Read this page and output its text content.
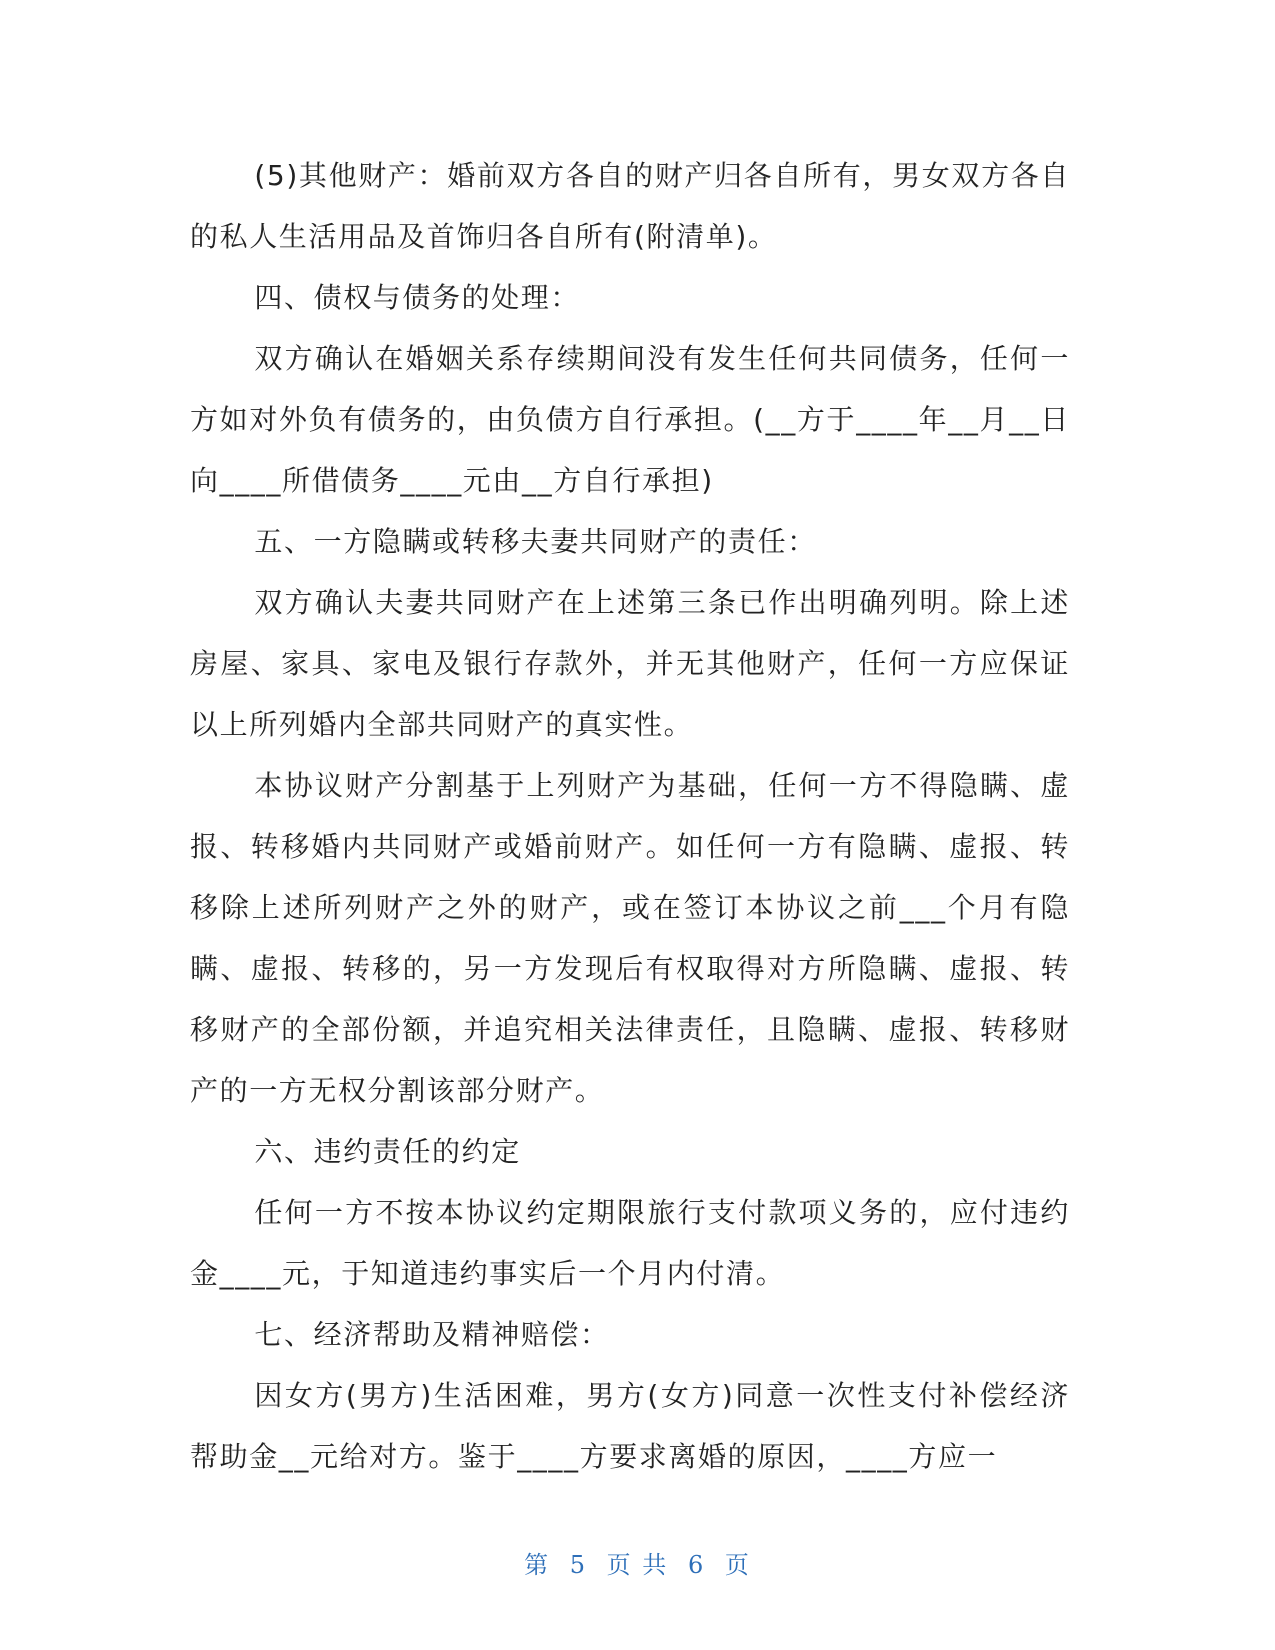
(5)其他财产：婚前双方各自的财产归各自所有，男女双方各自的私人生活用品及首饰归各自所有(附清单)。

四、债权与债务的处理：

双方确认在婚姻关系存续期间没有发生任何共同债务，任何一方如对外负有债务的，由负债方自行承担。(__方于____年__月__日向____所借债务____元由__方自行承担)

五、一方隐瞒或转移夫妻共同财产的责任：

双方确认夫妻共同财产在上述第三条已作出明确列明。除上述房屋、家具、家电及银行存款外，并无其他财产，任何一方应保证以上所列婚内全部共同财产的真实性。

本协议财产分割基于上列财产为基础，任何一方不得隐瞒、虚报、转移婚内共同财产或婚前财产。如任何一方有隐瞒、虚报、转移除上述所列财产之外的财产，或在签订本协议之前___个月有隐瞒、虚报、转移的，另一方发现后有权取得对方所隐瞒、虚报、转移财产的全部份额，并追究相关法律责任，且隐瞒、虚报、转移财产的一方无权分割该部分财产。

六、违约责任的约定

任何一方不按本协议约定期限旅行支付款项义务的，应付违约金____元，于知道违约事实后一个月内付清。

七、经济帮助及精神赔偿：

因女方(男方)生活困难，男方(女方)同意一次性支付补偿经济帮助金__元给对方。鉴于____方要求离婚的原因，____方应一

第 5 页 共 6 页
